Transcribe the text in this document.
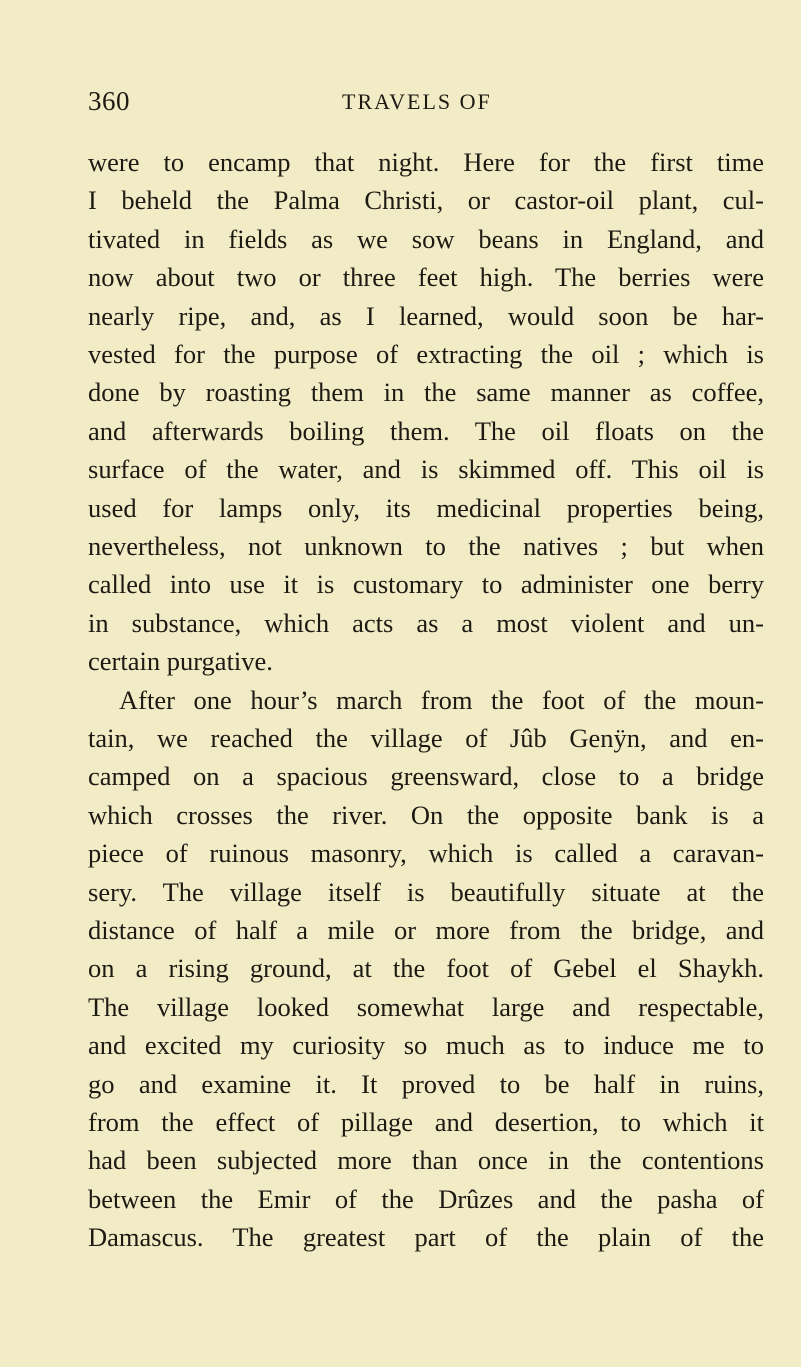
360	TRAVELS OF
were to encamp that night. Here for the first time
I beheld the Palma Christi, or castor-oil plant, cul-
tivated in fields as we sow beans in England, and
now about two or three feet high. The berries were
nearly ripe, and, as I learned, would soon be har-
vested for the purpose of extracting the oil ; which is
done by roasting them in the same manner as coffee,
and afterwards boiling them. The oil floats on the
surface of the water, and is skimmed off. This oil is
used for lamps only, its medicinal properties being,
nevertheless, not unknown to the natives ; but when
called into use it is customary to administer one berry
in substance, which acts as a most violent and un-
certain purgative.
After one hour’s march from the foot of the moun-
tain, we reached the village of Jûb Genÿn, and en-
camped on a spacious greensward, close to a bridge
which crosses the river. On the opposite bank is a
piece of ruinous masonry, which is called a caravan-
sery. The village itself is beautifully situate at the
distance of half a mile or more from the bridge, and
on a rising ground, at the foot of Gebel el Shaykh.
The village looked somewhat large and respectable,
and excited my curiosity so much as to induce me to
go and examine it. It proved to be half in ruins,
from the effect of pillage and desertion, to which it
had been subjected more than once in the contentions
between the Emir of the Drûzes and the pasha of
Damascus. The greatest part of the plain of the
